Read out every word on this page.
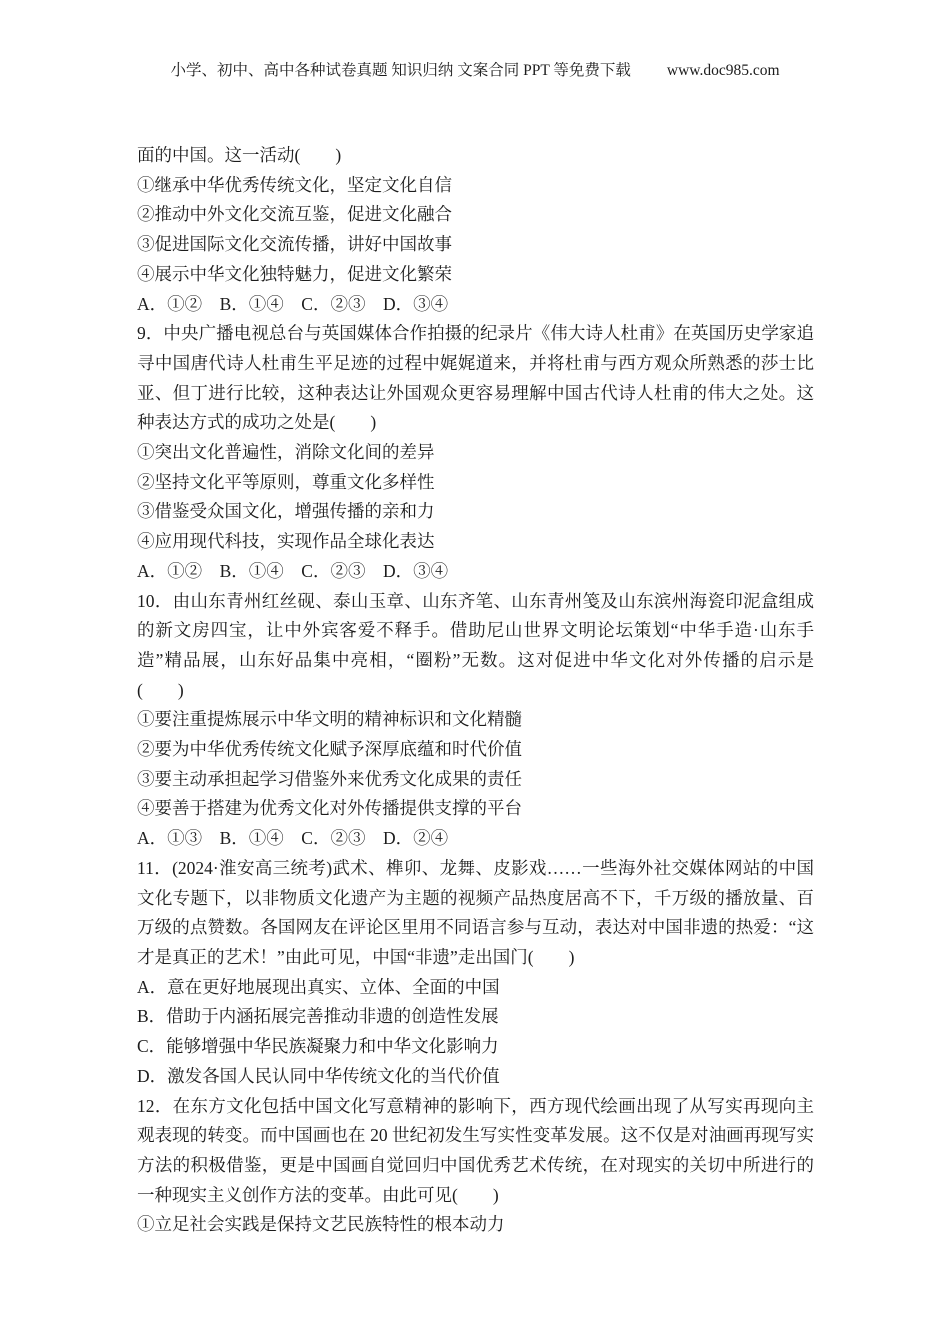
小学、初中、高中各种试卷真题 知识归纳 文案合同 PPT 等免费下载 www.doc985.com

面的中国。这一活动(　　)

①继承中华优秀传统文化，坚定文化自信

②推动中外文化交流互鉴，促进文化融合

③促进国际文化交流传播，讲好中国故事

④展示中华文化独特魅力，促进文化繁荣

A．①②　B．①④　C．②③　D．③④

9．中央广播电视总台与英国媒体合作拍摄的纪录片《伟大诗人杜甫》在英国历史学家追寻中国唐代诗人杜甫生平足迹的过程中娓娓道来，并将杜甫与西方观众所熟悉的莎士比亚、但丁进行比较，这种表达让外国观众更容易理解中国古代诗人杜甫的伟大之处。这种表达方式的成功之处是(　　)

①突出文化普遍性，消除文化间的差异

②坚持文化平等原则，尊重文化多样性

③借鉴受众国文化，增强传播的亲和力

④应用现代科技，实现作品全球化表达

A．①②　B．①④　C．②③　D．③④

10．由山东青州红丝砚、泰山玉章、山东齐笔、山东青州笺及山东滨州海瓷印泥盒组成的新文房四宝，让中外宾客爱不释手。借助尼山世界文明论坛策划“中华手造·山东手造”精品展，山东好品集中亮相，“圈粉”无数。这对促进中华文化对外传播的启示是(　　)

①要注重提炼展示中华文明的精神标识和文化精髓

②要为中华优秀传统文化赋予深厚底蕴和时代价值

③要主动承担起学习借鉴外来优秀文化成果的责任

④要善于搭建为优秀文化对外传播提供支撑的平台

A．①③　B．①④　C．②③　D．②④

11．(2024·淮安高三统考)武术、榫卯、龙舞、皮影戏……一些海外社交媒体网站的中国文化专题下，以非物质文化遗产为主题的视频产品热度居高不下，千万级的播放量、百万级的点赞数。各国网友在评论区里用不同语言参与互动，表达对中国非遗的热爱：“这才是真正的艺术！”由此可见，中国“非遗”走出国门(　　)

A．意在更好地展现出真实、立体、全面的中国

B．借助于内涵拓展完善推动非遗的创造性发展

C．能够增强中华民族凝聚力和中华文化影响力

D．激发各国人民认同中华传统文化的当代价值

12．在东方文化包括中国文化写意精神的影响下，西方现代绘画出现了从写实再现向主观表现的转变。而中国画也在 20 世纪初发生写实性变革发展。这不仅是对油画再现写实方法的积极借鉴，更是中国画自觉回归中国优秀艺术传统，在对现实的关切中所进行的一种现实主义创作方法的变革。由此可见(　　)

①立足社会实践是保持文艺民族特性的根本动力
